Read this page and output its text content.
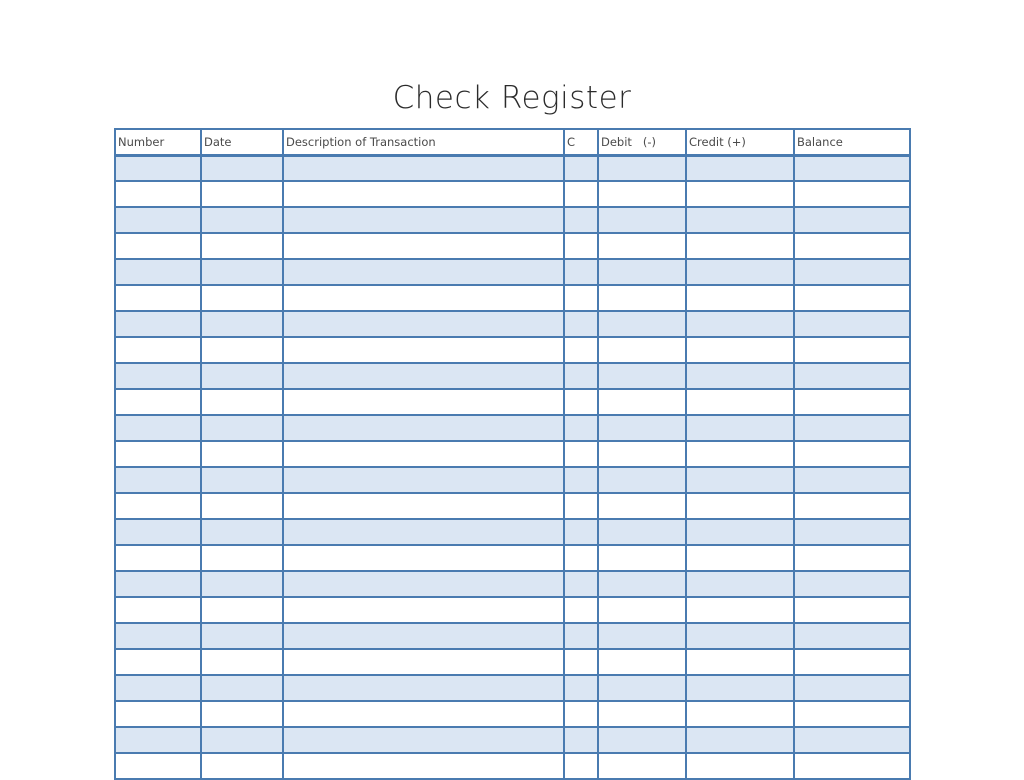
Check Register
Number	Date	Description of Transaction	C	Debit   (-)	Credit (+)	Balance
